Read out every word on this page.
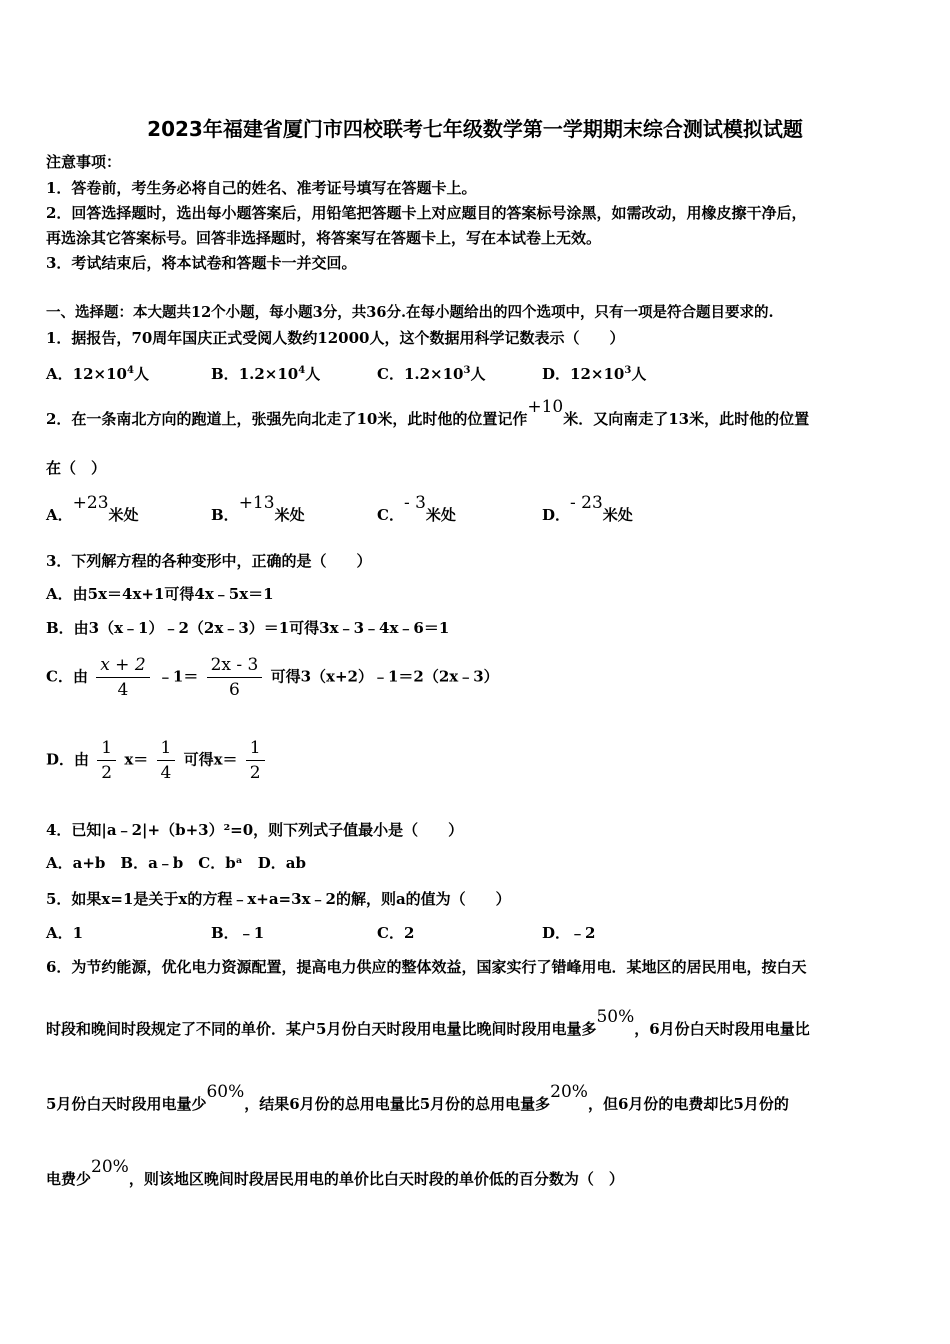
2023年福建省厦门市四校联考七年级数学第一学期期末综合测试模拟试题
注意事项：
1．答卷前，考生务必将自己的姓名、准考证号填写在答题卡上。
2．回答选择题时，选出每小题答案后，用铅笔把答题卡上对应题目的答案标号涂黑，如需改动，用橡皮擦干净后，
再选涂其它答案标号。回答非选择题时，将答案写在答题卡上，写在本试卷上无效。
3．考试结束后，将本试卷和答题卡一并交回。
一、选择题：本大题共12个小题，每小题3分，共36分.在每小题给出的四个选项中，只有一项是符合题目要求的.
1．据报告，70周年国庆正式受阅人数约12000人，这个数据用科学记数表示（　　）
A．$12\times 10^4$人	B．$1.2\times 10^4$人	C．$1.2\times 10^3$人	D．$12\times 10^3$人
2．在一条南北方向的跑道上，张强先向北走了10米，此时他的位置记作+10米．又向南走了13米，此时他的位置
在（　）
A．+23米处	B．+13米处	C．- 3米处	D．- 23米处
3．下列解方程的各种变形中，正确的是（　　）
A．由5x＝4x+1可得4x﹣5x＝1
B．由3（x﹣1）﹣2（2x﹣3）＝1可得3x﹣3﹣4x﹣6＝1
C．由 $\frac{x + 2}{4}$ ﹣1＝ $\frac{2x - 3}{6}$ 可得3（x+2）﹣1＝2（2x﹣3）
D．由 $\frac{1}{2} x= \frac{1}{4}$ 可得$x= \frac{1}{2}$
4．已知|a﹣2|+（b+3）²=0，则下列式子值最小是（　　）
A．a+b　B．a﹣b　C．bᵃ　D．ab
5．如果x=1是关于x的方程﹣x+a=3x﹣2的解，则a的值为（　　）
A．1	B．﹣1	C．2	D．﹣2
6．为节约能源，优化电力资源配置，提高电力供应的整体效益，国家实行了错峰用电．某地区的居民用电，按白天
时段和晚间时段规定了不同的单价．某户5月份白天时段用电量比晚间时段用电量多50%，6月份白天时段用电量比
5月份白天时段用电量少60%，结果6月份的总用电量比5月份的总用电量多20%，但6月份的电费却比5月份的
电费少20%，则该地区晚间时段居民用电的单价比白天时段的单价低的百分数为（　）
